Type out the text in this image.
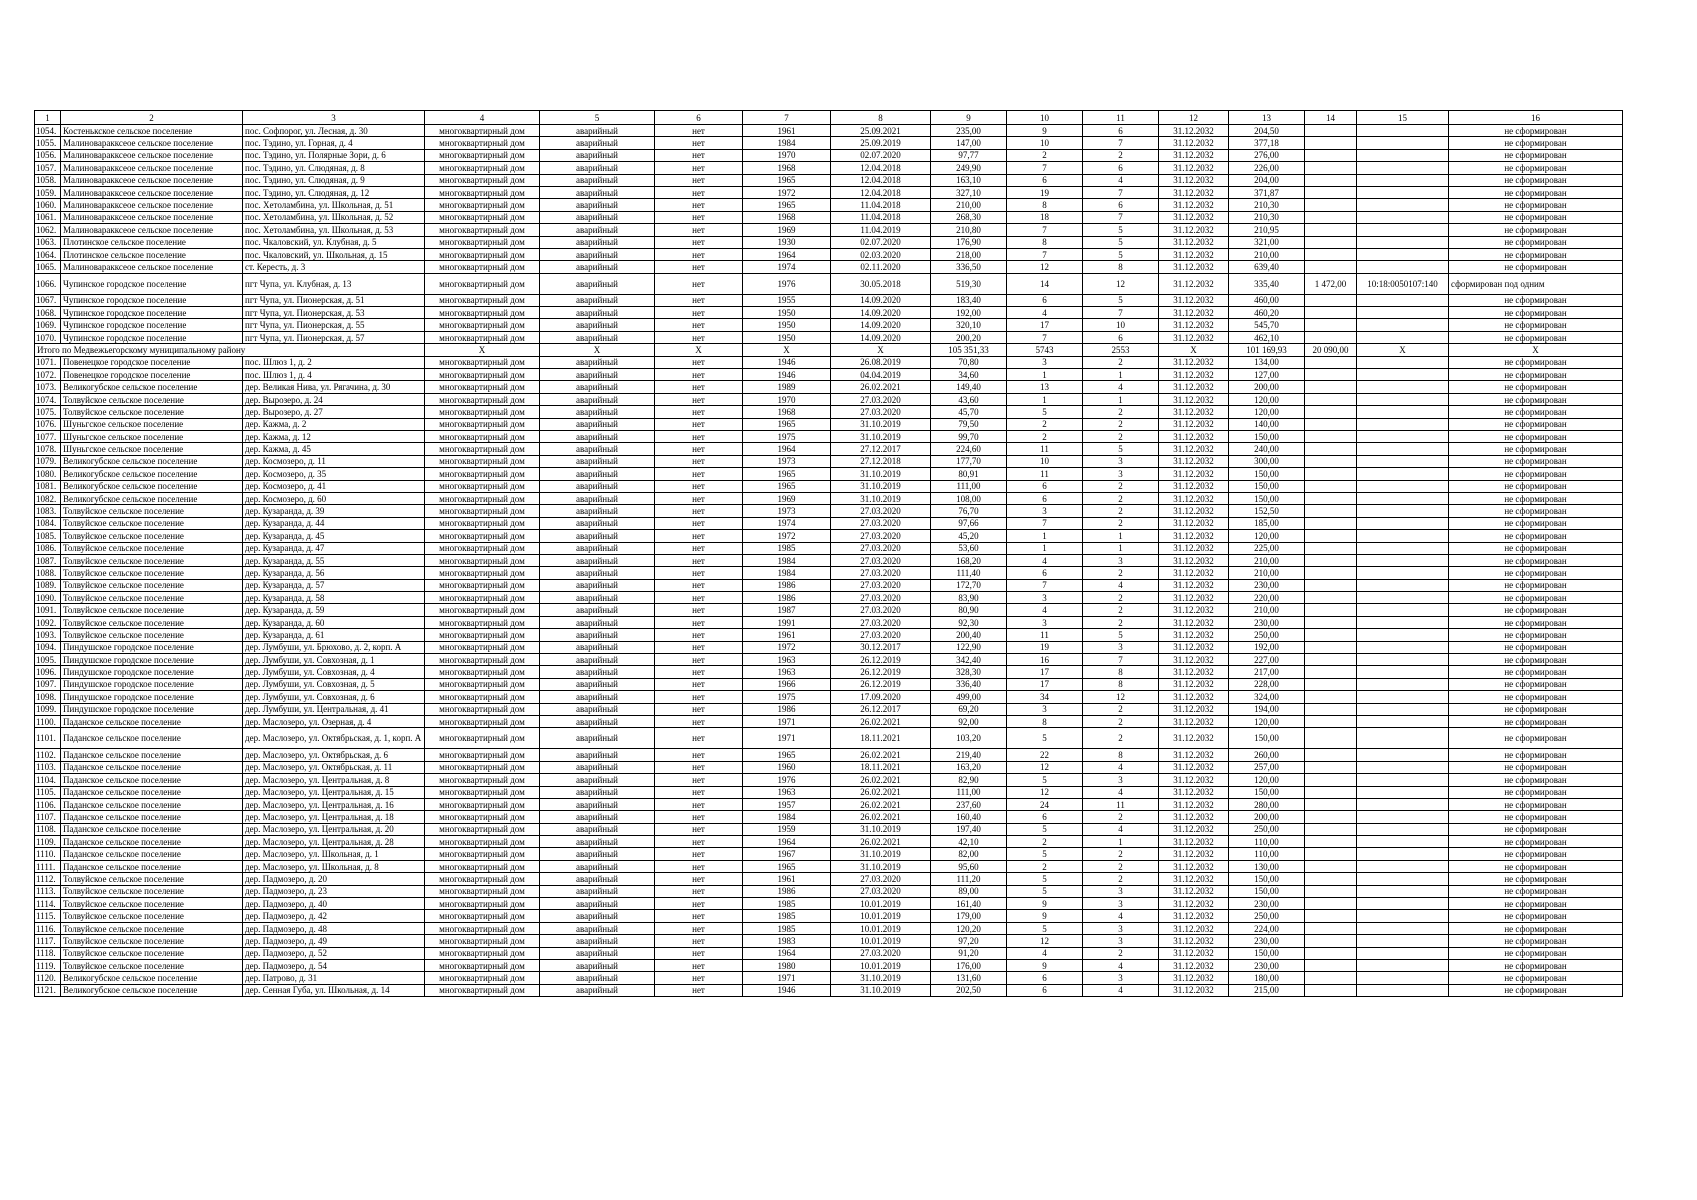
1	2	3	4	5	6	7	8	9	10	11	12	13	14	15	16
1054.	Костенькское сельское поселение	пос. Софпорог, ул. Лесная, д. 30	многоквартирный дом	аварийный	нет	1961	25.09.2021	235,00	9	6	31.12.2032	204,50			не сформирован
1055.	Малиноваракксеое сельское поселение	пос. Тэдино, ул. Горная, д. 4	многоквартирный дом	аварийный	нет	1984	25.09.2019	147,00	10	7	31.12.2032	377,18			не сформирован
1056.	Малиноваракксеое сельское поселение	пос. Тэдино, ул. Полярные Зори, д. 6	многоквартирный дом	аварийный	нет	1970	02.07.2020	97,77	2	2	31.12.2032	276,00			не сформирован
1057.	Малиноваракксеое сельское поселение	пос. Тэдино, ул. Слюдяная, д. 8	многоквартирный дом	аварийный	нет	1968	12.04.2018	249,90	7	6	31.12.2032	226,00			не сформирован
1058.	Малиноваракксеое сельское поселение	пос. Тэдино, ул. Слюдяная, д. 9	многоквартирный дом	аварийный	нет	1965	12.04.2018	163,10	6	4	31.12.2032	204,00			не сформирован
1059.	Малиноваракксеое сельское поселение	пос. Тэдино, ул. Слюдяная, д. 12	многоквартирный дом	аварийный	нет	1972	12.04.2018	327,10	19	7	31.12.2032	371,87			не сформирован
1060.	Малиноваракксеое сельское поселение	пос. Хетоламбина, ул. Школьная, д. 51	многоквартирный дом	аварийный	нет	1965	11.04.2018	210,00	8	6	31.12.2032	210,30			не сформирован
1061.	Малиноваракксеое сельское поселение	пос. Хетоламбина, ул. Школьная, д. 52	многоквартирный дом	аварийный	нет	1968	11.04.2018	268,30	18	7	31.12.2032	210,30			не сформирован
1062.	Малиноваракксеое сельское поселение	пос. Хетоламбина, ул. Школьная, д. 53	многоквартирный дом	аварийный	нет	1969	11.04.2019	210,80	7	5	31.12.2032	210,95			не сформирован
1063.	Плотинское сельское поселение	пос. Чкаловский, ул. Клубная, д. 5	многоквартирный дом	аварийный	нет	1930	02.07.2020	176,90	8	5	31.12.2032	321,00			не сформирован
1064.	Плотинское сельское поселение	пос. Чкаловский, ул. Школьная, д. 15	многоквартирный дом	аварийный	нет	1964	02.03.2020	218,00	7	5	31.12.2032	210,00			не сформирован
1065.	Малиноваракксеое сельское поселение	ст. Кересть, д. 3	многоквартирный дом	аварийный	нет	1974	02.11.2020	336,50	12	8	31.12.2032	639,40			не сформирован
1066.	Чупинское городское поселение	пгт Чупа, ул. Клубная, д. 13	многоквартирный дом	аварийный	нет	1976	30.05.2018	519,30	14	12	31.12.2032	335,40	1 472,00	10:18:0050107:140	сформирован под одним
1067.	Чупинское городское поселение	пгт Чупа, ул. Пионерская, д. 51	многоквартирный дом	аварийный	нет	1955	14.09.2020	183,40	6	5	31.12.2032	460,00			не сформирован
1068.	Чупинское городское поселение	пгт Чупа, ул. Пионерская, д. 53	многоквартирный дом	аварийный	нет	1950	14.09.2020	192,00	4	7	31.12.2032	460,20			не сформирован
1069.	Чупинское городское поселение	пгт Чупа, ул. Пионерская, д. 55	многоквартирный дом	аварийный	нет	1950	14.09.2020	320,10	17	10	31.12.2032	545,70			не сформирован
1070.	Чупинское городское поселение	пгт Чупа, ул. Пионерская, д. 57	многоквартирный дом	аварийный	нет	1950	14.09.2020	200,20	7	6	31.12.2032	462,10			не сформирован
Итого по Медвежьегорскому муниципальному району			X	X	X	X	X	105 351,33	5743	2553	X	101 169,93	20 090,00	X	X
1071.	Повенецкое городское поселение	пос. Шлюз 1, д. 2	многоквартирный дом	аварийный	нет	1946	26.08.2019	70,80	3	2	31.12.2032	134,00			не сформирован
1072.	Повенецкое городское поселение	пос. Шлюз 1, д. 4	многоквартирный дом	аварийный	нет	1946	04.04.2019	34,60	1	1	31.12.2032	127,00			не сформирован
1073.	Великогубское сельское поселение	дер. Великая Нива, ул. Рягачина, д. 30	многоквартирный дом	аварийный	нет	1989	26.02.2021	149,40	13	4	31.12.2032	200,00			не сформирован
1074.	Толвуйское сельское поселение	дер. Вырозеро, д. 24	многоквартирный дом	аварийный	нет	1970	27.03.2020	43,60	1	1	31.12.2032	120,00			не сформирован
1075.	Толвуйское сельское поселение	дер. Вырозеро, д. 27	многоквартирный дом	аварийный	нет	1968	27.03.2020	45,70	5	2	31.12.2032	120,00			не сформирован
1076.	Шуньгское сельское поселение	дер. Кажма, д. 2	многоквартирный дом	аварийный	нет	1965	31.10.2019	79,50	2	2	31.12.2032	140,00			не сформирован
1077.	Шуньгское сельское поселение	дер. Кажма, д. 12	многоквартирный дом	аварийный	нет	1975	31.10.2019	99,70	2	2	31.12.2032	150,00			не сформирован
1078.	Шуньгское сельское поселение	дер. Кажма, д. 45	многоквартирный дом	аварийный	нет	1964	27.12.2017	224,60	11	5	31.12.2032	240,00			не сформирован
1079.	Великогубское сельское поселение	дер. Космозеро, д. 11	многоквартирный дом	аварийный	нет	1973	27.12.2018	177,70	10	3	31.12.2032	300,00			не сформирован
1080.	Великогубское сельское поселение	дер. Космозеро, д. 35	многоквартирный дом	аварийный	нет	1965	31.10.2019	80,91	11	3	31.12.2032	150,00			не сформирован
1081.	Великогубское сельское поселение	дер. Космозеро, д. 41	многоквартирный дом	аварийный	нет	1965	31.10.2019	111,00	6	2	31.12.2032	150,00			не сформирован
1082.	Великогубское сельское поселение	дер. Космозеро, д. 60	многоквартирный дом	аварийный	нет	1969	31.10.2019	108,00	6	2	31.12.2032	150,00			не сформирован
1083.	Толвуйское сельское поселение	дер. Кузаранда, д. 39	многоквартирный дом	аварийный	нет	1973	27.03.2020	76,70	3	2	31.12.2032	152,50			не сформирован
1084.	Толвуйское сельское поселение	дер. Кузаранда, д. 44	многоквартирный дом	аварийный	нет	1974	27.03.2020	97,66	7	2	31.12.2032	185,00			не сформирован
1085.	Толвуйское сельское поселение	дер. Кузаранда, д. 45	многоквартирный дом	аварийный	нет	1972	27.03.2020	45,20	1	1	31.12.2032	120,00			не сформирован
1086.	Толвуйское сельское поселение	дер. Кузаранда, д. 47	многоквартирный дом	аварийный	нет	1985	27.03.2020	53,60	1	1	31.12.2032	225,00			не сформирован
1087.	Толвуйское сельское поселение	дер. Кузаранда, д. 55	многоквартирный дом	аварийный	нет	1984	27.03.2020	168,20	4	3	31.12.2032	210,00			не сформирован
1088.	Толвуйское сельское поселение	дер. Кузаранда, д. 56	многоквартирный дом	аварийный	нет	1984	27.03.2020	111,40	6	2	31.12.2032	210,00			не сформирован
1089.	Толвуйское сельское поселение	дер. Кузаранда, д. 57	многоквартирный дом	аварийный	нет	1986	27.03.2020	172,70	7	4	31.12.2032	230,00			не сформирован
1090.	Толвуйское сельское поселение	дер. Кузаранда, д. 58	многоквартирный дом	аварийный	нет	1986	27.03.2020	83,90	3	2	31.12.2032	220,00			не сформирован
1091.	Толвуйское сельское поселение	дер. Кузаранда, д. 59	многоквартирный дом	аварийный	нет	1987	27.03.2020	80,90	4	2	31.12.2032	210,00			не сформирован
1092.	Толвуйское сельское поселение	дер. Кузаранда, д. 60	многоквартирный дом	аварийный	нет	1991	27.03.2020	92,30	3	2	31.12.2032	230,00			не сформирован
1093.	Толвуйское сельское поселение	дер. Кузаранда, д. 61	многоквартирный дом	аварийный	нет	1961	27.03.2020	200,40	11	5	31.12.2032	250,00			не сформирован
1094.	Пиндушское городское поселение	дер. Лумбуши, ул. Брюхово, д. 2, корп. А	многоквартирный дом	аварийный	нет	1972	30.12.2017	122,90	19	3	31.12.2032	192,00			не сформирован
1095.	Пиндушское городское поселение	дер. Лумбуши, ул. Совхозная, д. 1	многоквартирный дом	аварийный	нет	1963	26.12.2019	342,40	16	7	31.12.2032	227,00			не сформирован
1096.	Пиндушское городское поселение	дер. Лумбуши, ул. Совхозная, д. 4	многоквартирный дом	аварийный	нет	1963	26.12.2019	328,30	17	8	31.12.2032	217,00			не сформирован
1097.	Пиндушское городское поселение	дер. Лумбуши, ул. Совхозная, д. 5	многоквартирный дом	аварийный	нет	1966	26.12.2019	336,40	17	8	31.12.2032	228,00			не сформирован
1098.	Пиндушское городское поселение	дер. Лумбуши, ул. Совхозная, д. 6	многоквартирный дом	аварийный	нет	1975	17.09.2020	499,00	34	12	31.12.2032	324,00			не сформирован
1099.	Пиндушское городское поселение	дер. Лумбуши, ул. Центральная, д. 41	многоквартирный дом	аварийный	нет	1986	26.12.2017	69,20	3	2	31.12.2032	194,00			не сформирован
1100.	Паданское сельское поселение	дер. Маслозеро, ул. Озерная, д. 4	многоквартирный дом	аварийный	нет	1971	26.02.2021	92,00	8	2	31.12.2032	120,00			не сформирован
1101.	Паданское сельское поселение	дер. Маслозеро, ул. Октябрьская, д. 1, корп. А	многоквартирный дом	аварийный	нет	1971	18.11.2021	103,20	5	2	31.12.2032	150,00			не сформирован
1102.	Паданское сельское поселение	дер. Маслозеро, ул. Октябрьская, д. 6	многоквартирный дом	аварийный	нет	1965	26.02.2021	219,40	22	8	31.12.2032	260,00			не сформирован
1103.	Паданское сельское поселение	дер. Маслозеро, ул. Октябрьская, д. 11	многоквартирный дом	аварийный	нет	1960	18.11.2021	163,20	12	4	31.12.2032	257,00			не сформирован
1104.	Паданское сельское поселение	дер. Маслозеро, ул. Центральная, д. 8	многоквартирный дом	аварийный	нет	1976	26.02.2021	82,90	5	3	31.12.2032	120,00			не сформирован
1105.	Паданское сельское поселение	дер. Маслозеро, ул. Центральная, д. 15	многоквартирный дом	аварийный	нет	1963	26.02.2021	111,00	12	4	31.12.2032	150,00			не сформирован
1106.	Паданское сельское поселение	дер. Маслозеро, ул. Центральная, д. 16	многоквартирный дом	аварийный	нет	1957	26.02.2021	237,60	24	11	31.12.2032	280,00			не сформирован
1107.	Паданское сельское поселение	дер. Маслозеро, ул. Центральная, д. 18	многоквартирный дом	аварийный	нет	1984	26.02.2021	160,40	6	2	31.12.2032	200,00			не сформирован
1108.	Паданское сельское поселение	дер. Маслозеро, ул. Центральная, д. 20	многоквартирный дом	аварийный	нет	1959	31.10.2019	197,40	5	4	31.12.2032	250,00			не сформирован
1109.	Паданское сельское поселение	дер. Маслозеро, ул. Центральная, д. 28	многоквартирный дом	аварийный	нет	1964	26.02.2021	42,10	2	1	31.12.2032	110,00			не сформирован
1110.	Паданское сельское поселение	дер. Маслозеро, ул. Школьная, д. 1	многоквартирный дом	аварийный	нет	1967	31.10.2019	82,00	5	2	31.12.2032	110,00			не сформирован
1111.	Паданское сельское поселение	дер. Маслозеро, ул. Школьная, д. 8	многоквартирный дом	аварийный	нет	1965	31.10.2019	95,60	2	2	31.12.2032	130,00			не сформирован
1112.	Толвуйское сельское поселение	дер. Падмозеро, д. 20	многоквартирный дом	аварийный	нет	1961	27.03.2020	111,20	5	2	31.12.2032	150,00			не сформирован
1113.	Толвуйское сельское поселение	дер. Падмозеро, д. 23	многоквартирный дом	аварийный	нет	1986	27.03.2020	89,00	5	3	31.12.2032	150,00			не сформирован
1114.	Толвуйское сельское поселение	дер. Падмозеро, д. 40	многоквартирный дом	аварийный	нет	1985	10.01.2019	161,40	9	3	31.12.2032	230,00			не сформирован
1115.	Толвуйское сельское поселение	дер. Падмозеро, д. 42	многоквартирный дом	аварийный	нет	1985	10.01.2019	179,00	9	4	31.12.2032	250,00			не сформирован
1116.	Толвуйское сельское поселение	дер. Падмозеро, д. 48	многоквартирный дом	аварийный	нет	1985	10.01.2019	120,20	5	3	31.12.2032	224,00			не сформирован
1117.	Толвуйское сельское поселение	дер. Падмозеро, д. 49	многоквартирный дом	аварийный	нет	1983	10.01.2019	97,20	12	3	31.12.2032	230,00			не сформирован
1118.	Толвуйское сельское поселение	дер. Падмозеро, д. 52	многоквартирный дом	аварийный	нет	1964	27.03.2020	91,20	4	2	31.12.2032	150,00			не сформирован
1119.	Толвуйское сельское поселение	дер. Падмозеро, д. 54	многоквартирный дом	аварийный	нет	1980	10.01.2019	176,00	9	4	31.12.2032	230,00			не сформирован
1120.	Великогубское сельское поселение	дер. Патрово, д. 31	многоквартирный дом	аварийный	нет	1971	31.10.2019	131,60	6	3	31.12.2032	180,00			не сформирован
1121.	Великогубское сельское поселение	дер. Сенная Губа, ул. Школьная, д. 14	многоквартирный дом	аварийный	нет	1946	31.10.2019	202,50	6	4	31.12.2032	215,00			не сформирован
